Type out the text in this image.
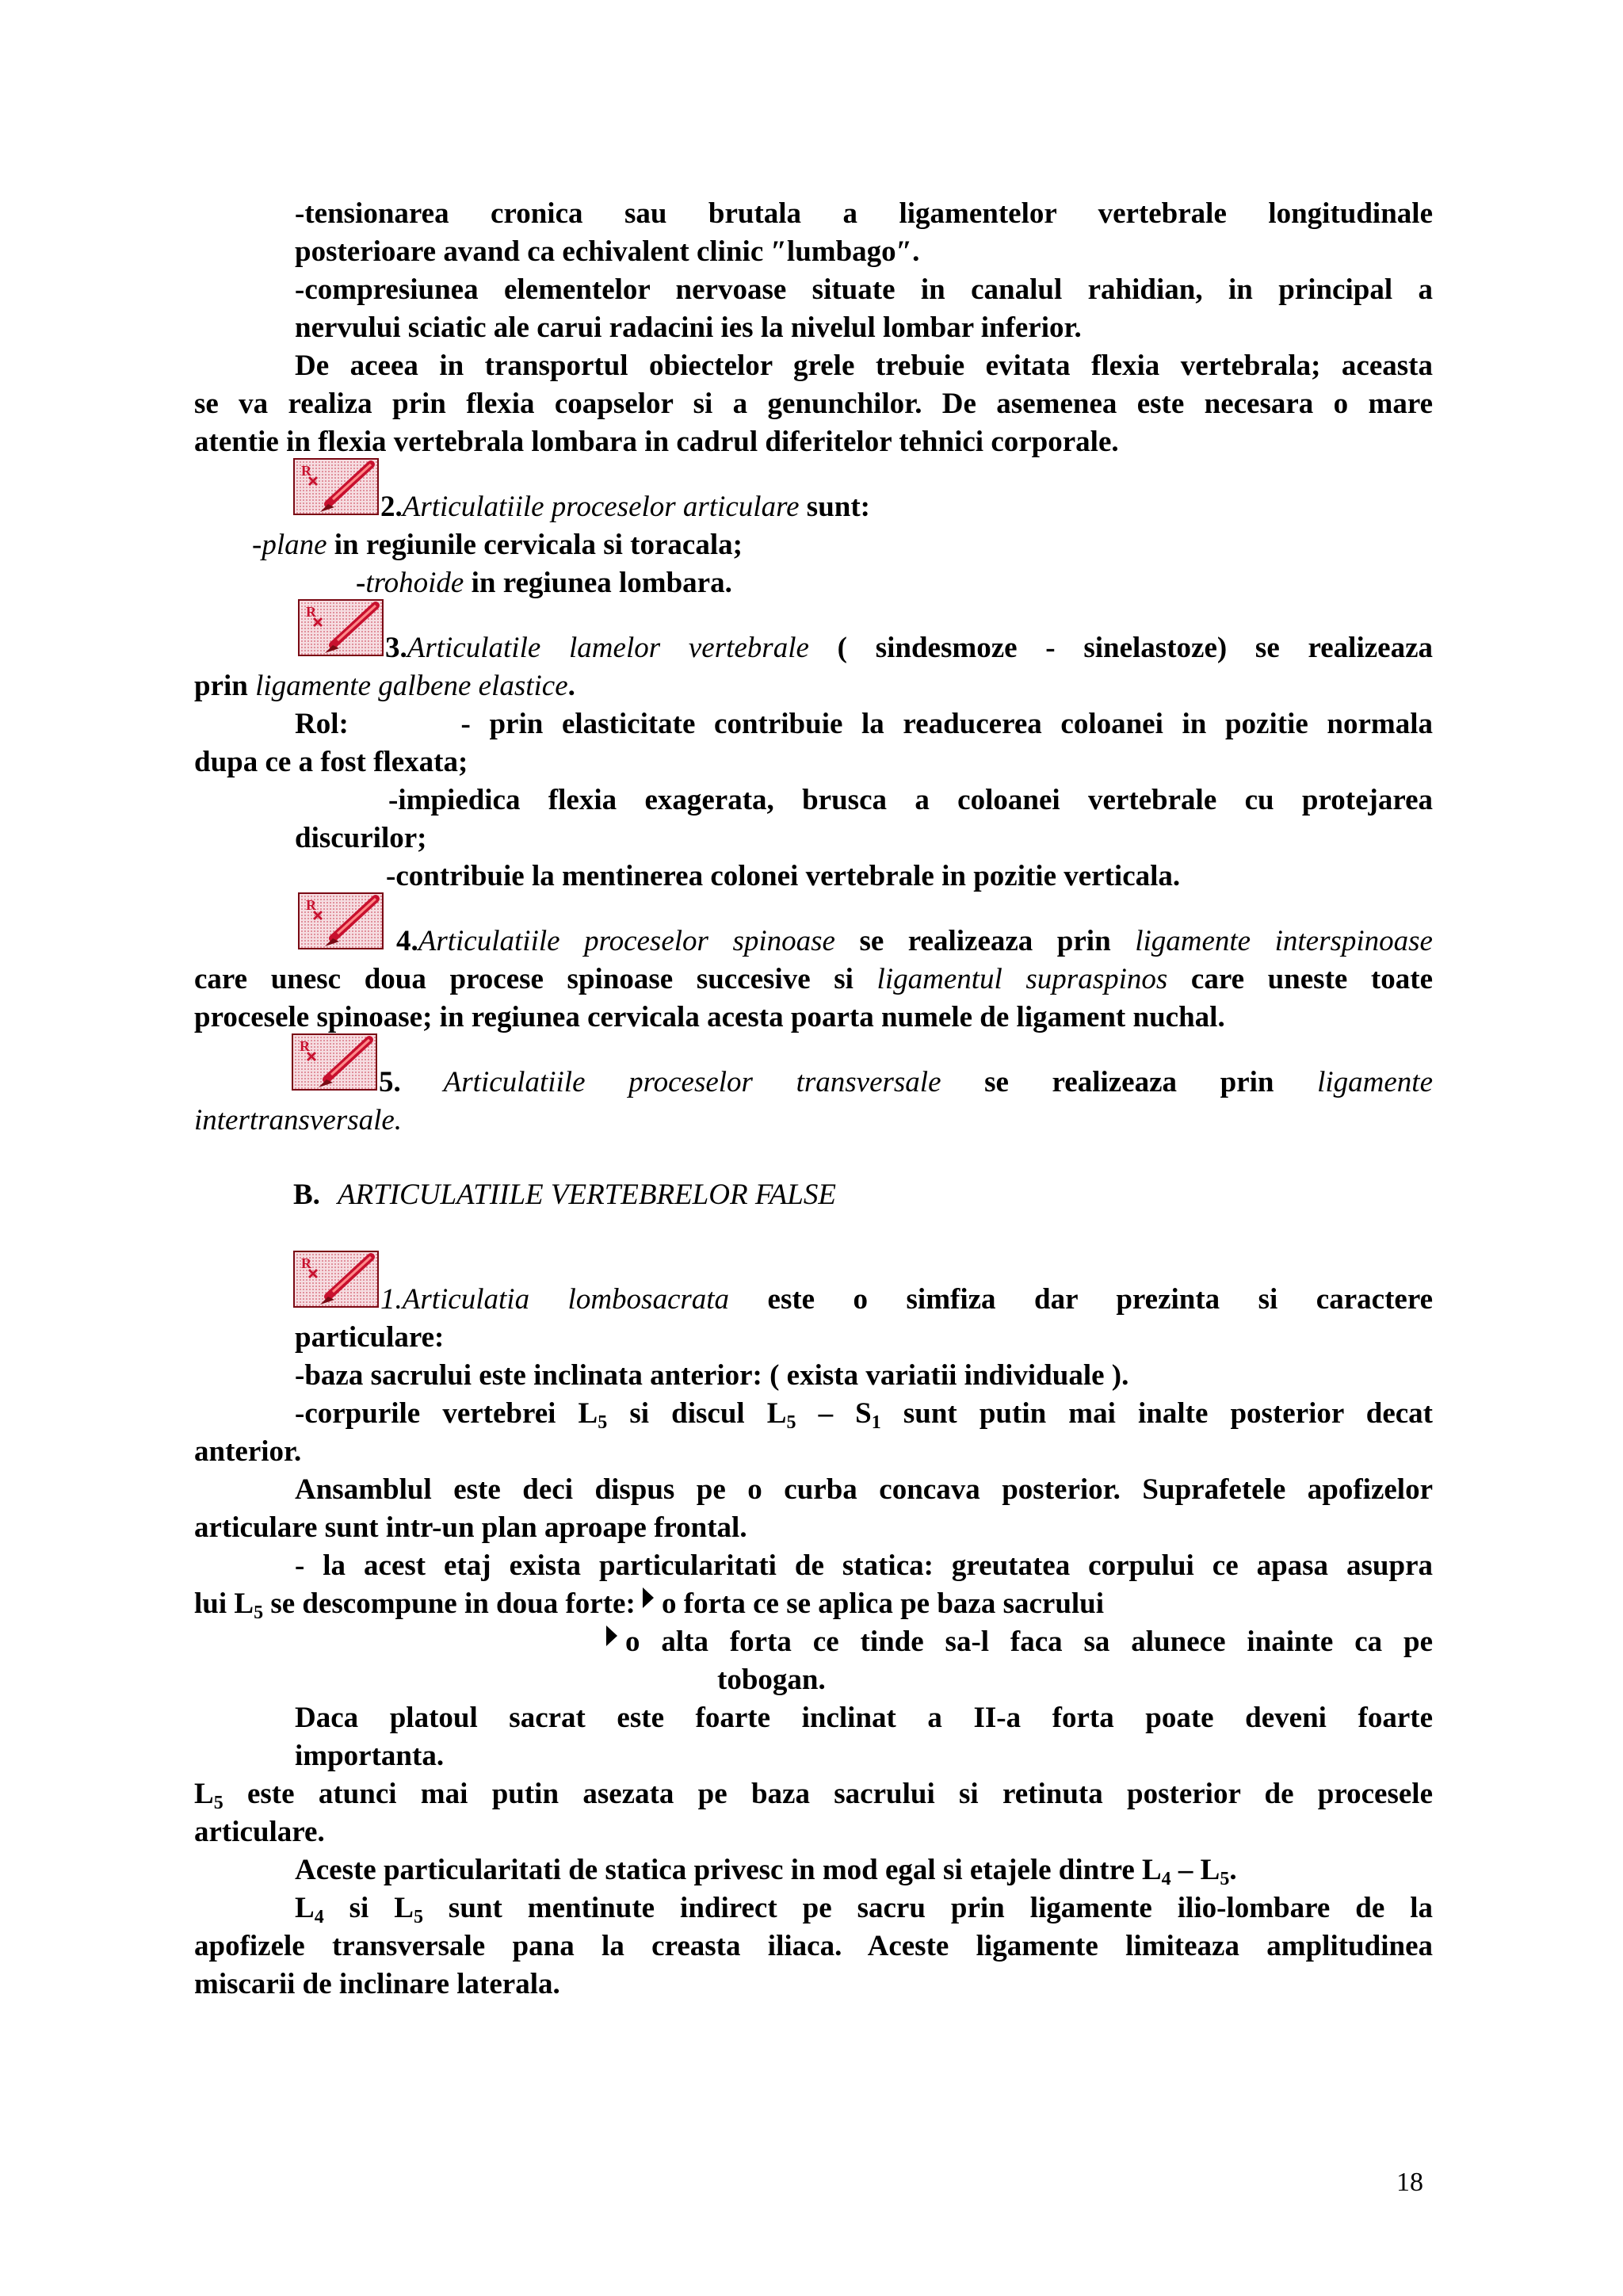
-tensionarea cronica sau brutala a ligamentelor vertebrale longitudinale
posterioare avand ca echivalent clinic ″lumbago″.
-compresiunea elementelor nervoase situate in canalul rahidian, in principal a
nervului sciatic ale carui radacini ies la nivelul lombar inferior.
De aceea in transportul obiectelor grele trebuie evitata flexia vertebrala; aceasta
se va realiza prin flexia coapselor si a genunchilor. De asemenea este necesara o mare
atentie in flexia vertebrala lombara in cadrul diferitelor tehnici corporale.
2.Articulatiile proceselor articulare sunt:
-plane in regiunile cervicala si toracala;
-trohoide in regiunea lombara.
3.Articulatile lamelor vertebrale ( sindesmoze - sinelastoze) se realizeaza
prin ligamente galbene elastice.
Rol:      - prin elasticitate contribuie la readucerea coloanei in pozitie normala
dupa ce a fost flexata;
-impiedica flexia exagerata, brusca a coloanei vertebrale cu protejarea
discurilor;
-contribuie la mentinerea colonei vertebrale in pozitie verticala.
4.Articulatiile proceselor spinoase se realizeaza prin ligamente interspinoase
care unesc doua procese spinoase succesive si ligamentul supraspinos care uneste toate
procesele spinoase; in regiunea cervicala acesta poarta numele de ligament nuchal.
5. Articulatiile proceselor transversale se realizeaza prin ligamente
intertransversale.
B. ARTICULATIILE VERTEBRELOR FALSE
1.Articulatia lombosacrata este o simfiza dar prezinta si caractere
particulare:
-baza sacrului este inclinata anterior: ( exista variatii individuale ).
-corpurile vertebrei $L_5$ si discul $L_5 - S_1$ sunt putin mai inalte posterior decat
anterior.
Ansamblul este deci dispus pe o curba concava posterior. Suprafetele apofizelor
articulare sunt intr-un plan aproape frontal.
- la acest etaj exista particularitati de statica: greutatea corpului ce apasa asupra
lui $L_5$ se descompune in doua forte: o forta ce se aplica pe baza sacrului
o alta forta ce tinde sa-l faca sa alunece inainte ca pe
tobogan.
Daca platoul sacrat este foarte inclinat a II-a forta poate deveni foarte
importanta.
$L_5$ este atunci mai putin asezata pe baza sacrului si retinuta posterior de procesele
articulare.
Aceste particularitati de statica privesc in mod egal si etajele dintre $L_4 - L_5$.
$L_4$ si $L_5$ sunt mentinute indirect pe sacru prin ligamente ilio-lombare de la
apofizele transversale pana la creasta iliaca. Aceste ligamente limiteaza amplitudinea
miscarii de inclinare laterala.
18
